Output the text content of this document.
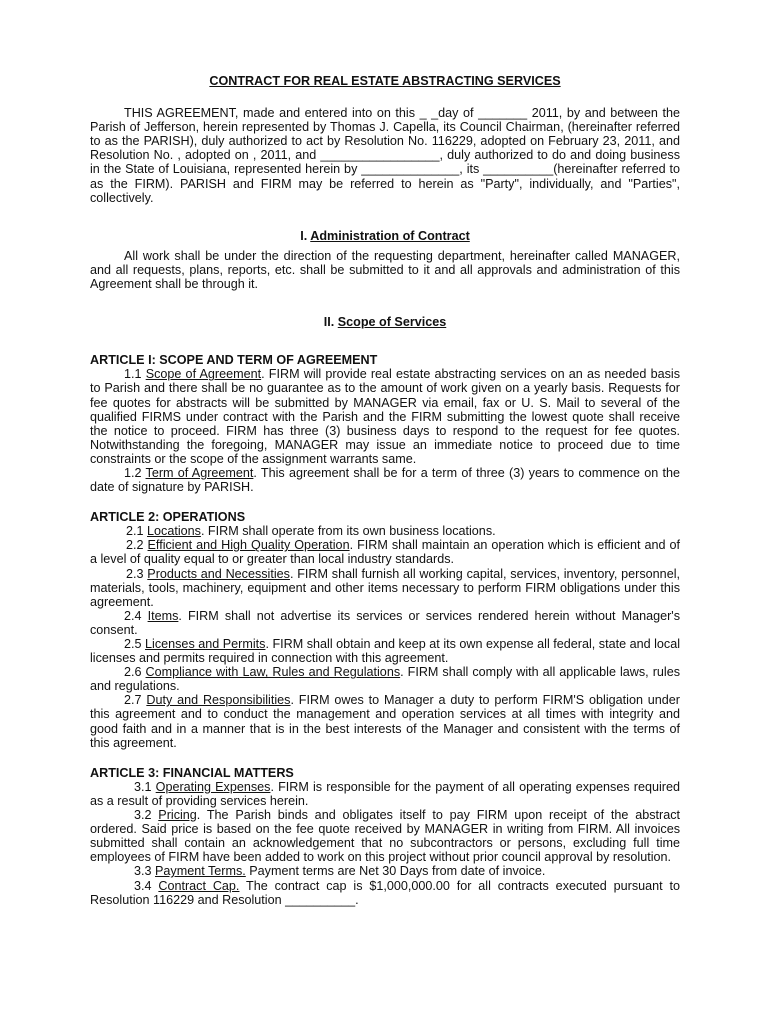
CONTRACT FOR REAL ESTATE ABSTRACTING SERVICES

THIS AGREEMENT, made and entered into on this _ _day of _______ 2011, by and between the Parish of Jefferson, herein represented by Thomas J. Capella, its Council Chairman, (hereinafter referred to as the PARISH), duly authorized to act by Resolution No. 116229, adopted on February 23, 2011, and Resolution No. , adopted on , 2011, and _________________, duly authorized to do and doing business in the State of Louisiana, represented herein by ______________, its __________(hereinafter referred to as the FIRM). PARISH and FIRM may be referred to herein as "Party", individually, and "Parties", collectively.

I. Administration of Contract

All work shall be under the direction of the requesting department, hereinafter called MANAGER, and all requests, plans, reports, etc. shall be submitted to it and all approvals and administration of this Agreement shall be through it.

II. Scope of Services
ARTICLE I: SCOPE AND TERM OF AGREEMENT

1.1 Scope of Agreement. FIRM will provide real estate abstracting services on an as needed basis to Parish and there shall be no guarantee as to the amount of work given on a yearly basis. Requests for fee quotes for abstracts will be submitted by MANAGER via email, fax or U. S. Mail to several of the qualified FIRMS under contract with the Parish and the FIRM submitting the lowest quote shall receive the notice to proceed. FIRM has three (3) business days to respond to the request for fee quotes. Notwithstanding the foregoing, MANAGER may issue an immediate notice to proceed due to time constraints or the scope of the assignment warrants same.

1.2 Term of Agreement. This agreement shall be for a term of three (3) years to commence on the date of signature by PARISH.

ARTICLE 2: OPERATIONS

2.1 Locations. FIRM shall operate from its own business locations.

2.2 Efficient and High Quality Operation. FIRM shall maintain an operation which is efficient and of a level of quality equal to or greater than local industry standards.

2.3 Products and Necessities. FIRM shall furnish all working capital, services, inventory, personnel, materials, tools, machinery, equipment and other items necessary to perform FIRM obligations under this agreement.

2.4 Items. FIRM shall not advertise its services or services rendered herein without Manager's consent.

2.5 Licenses and Permits. FIRM shall obtain and keep at its own expense all federal, state and local licenses and permits required in connection with this agreement.

2.6 Compliance with Law, Rules and Regulations. FIRM shall comply with all applicable laws, rules and regulations.

2.7 Duty and Responsibilities. FIRM owes to Manager a duty to perform FIRM'S obligation under this agreement and to conduct the management and operation services at all times with integrity and good faith and in a manner that is in the best interests of the Manager and consistent with the terms of this agreement.

ARTICLE 3: FINANCIAL MATTERS

3.1 Operating Expenses. FIRM is responsible for the payment of all operating expenses required as a result of providing services herein.

3.2 Pricing. The Parish binds and obligates itself to pay FIRM upon receipt of the abstract ordered. Said price is based on the fee quote received by MANAGER in writing from FIRM. All invoices submitted shall contain an acknowledgement that no subcontractors or persons, excluding full time employees of FIRM have been added to work on this project without prior council approval by resolution.

3.3 Payment Terms. Payment terms are Net 30 Days from date of invoice.

3.4 Contract Cap. The contract cap is $1,000,000.00 for all contracts executed pursuant to Resolution 116229 and Resolution __________.
